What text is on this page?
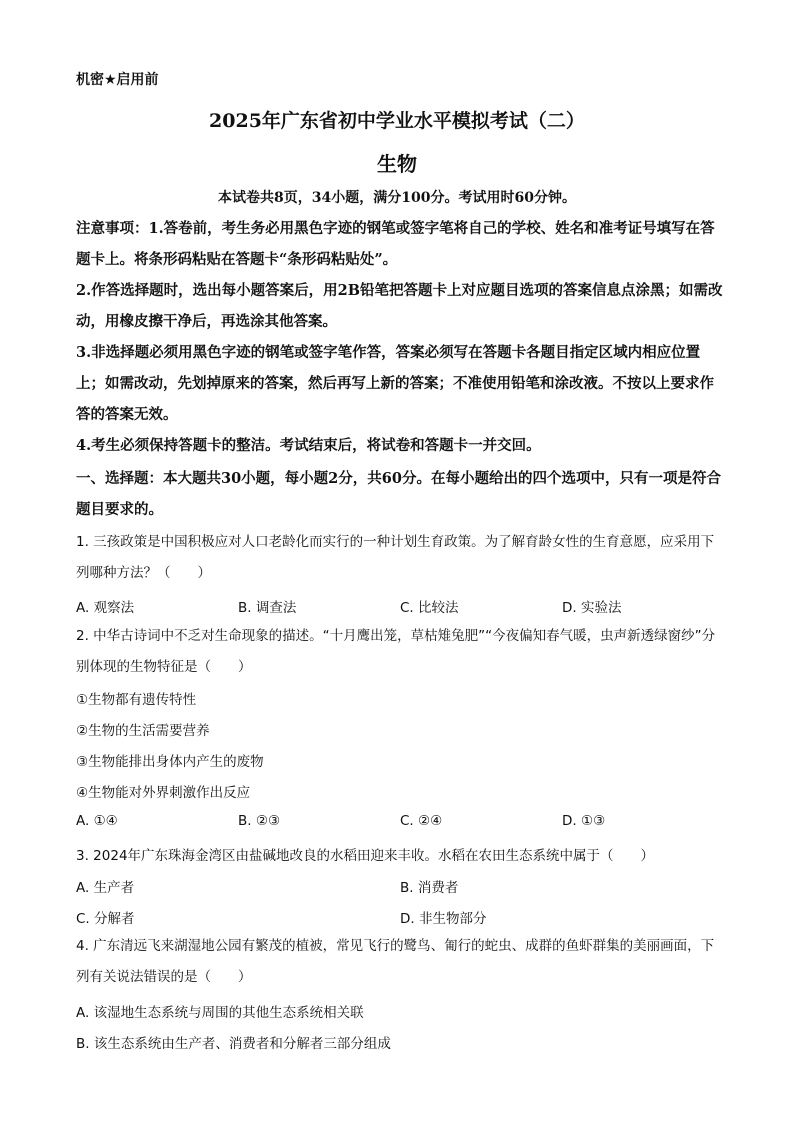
机密★启用前
2025年广东省初中学业水平模拟考试（二）
生物
本试卷共8页，34小题，满分100分。考试用时60分钟。

注意事项：1.答卷前，考生务必用黑色字迹的钢笔或签字笔将自己的学校、姓名和准考证号填写在答题卡上。将条形码粘贴在答题卡“条形码粘贴处”。

2.作答选择题时，选出每小题答案后，用2B铅笔把答题卡上对应题目选项的答案信息点涂黑；如需改动，用橡皮擦干净后，再选涂其他答案。

3.非选择题必须用黑色字迹的钢笔或签字笔作答，答案必须写在答题卡各题目指定区域内相应位置上；如需改动，先划掉原来的答案，然后再写上新的答案；不准使用铅笔和涂改液。不按以上要求作答的答案无效。

4.考生必须保持答题卡的整洁。考试结束后，将试卷和答题卡一并交回。

一、选择题：本大题共30小题，每小题2分，共60分。在每小题给出的四个选项中，只有一项是符合题目要求的。
1. 三孩政策是中国积极应对人口老龄化而实行的一种计划生育政策。为了解育龄女性的生育意愿，应采用下列哪种方法？（　　）
A. 观察法	B. 调查法	C. 比较法	D. 实验法
2. 中华古诗词中不乏对生命现象的描述。“十月鹰出笼，草枯雉兔肥”“今夜偏知春气暖，虫声新透绿窗纱”分别体现的生物特征是（　　）
①生物都有遗传特性
②生物的生活需要营养
③生物能排出身体内产生的废物
④生物能对外界刺激作出反应
A. ①④	B. ②③	C. ②④	D. ①③
3. 2024年广东珠海金湾区由盐碱地改良的水稻田迎来丰收。水稻在农田生态系统中属于（　　）
A. 生产者	B. 消费者
C. 分解者	D. 非生物部分
4. 广东清远飞来湖湿地公园有繁茂的植被，常见飞行的鹭鸟、匍行的蛇虫、成群的鱼虾群集的美丽画面，下列有关说法错误的是（　　）
A. 该湿地生态系统与周围的其他生态系统相关联
B. 该生态系统由生产者、消费者和分解者三部分组成
